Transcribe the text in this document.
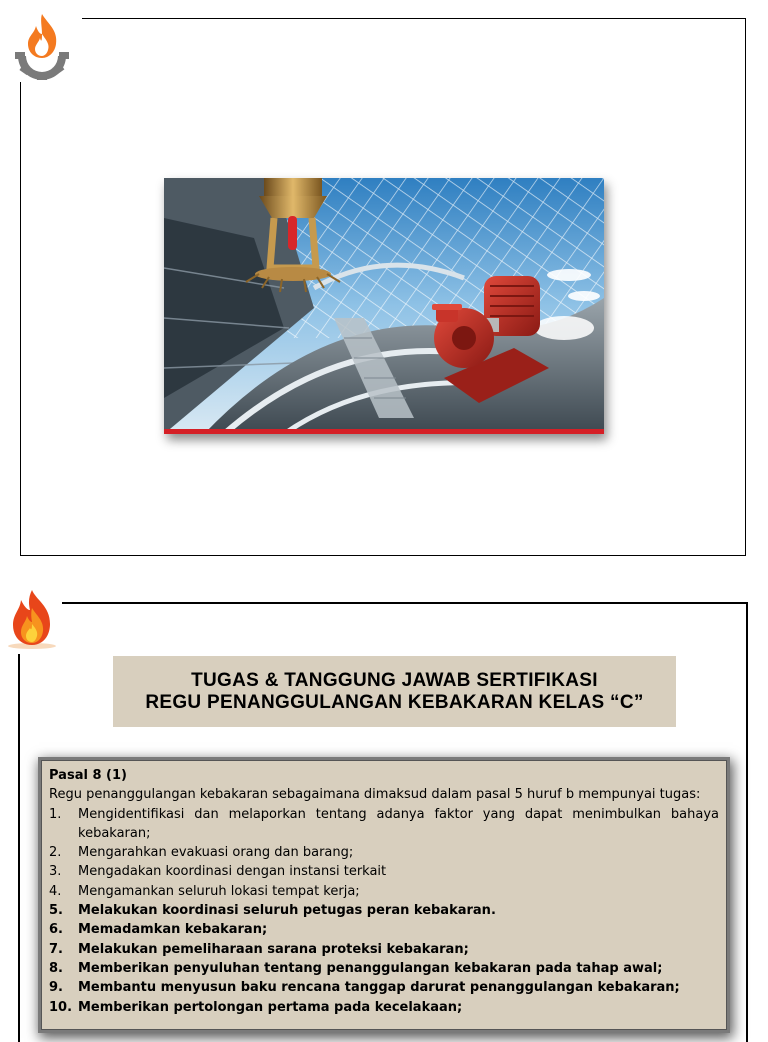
TUGAS & TANGGUNG JAWAB SERTIFIKASI
REGU PENANGGULANGAN KEBAKARAN KELAS “C”
Pasal 8 (1)
Regu penanggulangan kebakaran sebagaimana dimaksud dalam pasal 5 huruf b mempunyai tugas:
1.	Mengidentifikasi dan melaporkan tentang adanya faktor yang dapat menimbulkan bahaya kebakaran;
2.	Mengarahkan evakuasi orang dan barang;
3.	Mengadakan koordinasi dengan instansi terkait
4.	Mengamankan seluruh lokasi tempat kerja;
5.	Melakukan koordinasi seluruh petugas peran kebakaran.
6.	Memadamkan kebakaran;
7.	Melakukan pemeliharaan sarana proteksi kebakaran;
8.	Memberikan penyuluhan tentang penanggulangan kebakaran pada tahap awal;
9.	Membantu menyusun baku rencana tanggap darurat penanggulangan kebakaran;
10. Memberikan pertolongan pertama pada kecelakaan;
